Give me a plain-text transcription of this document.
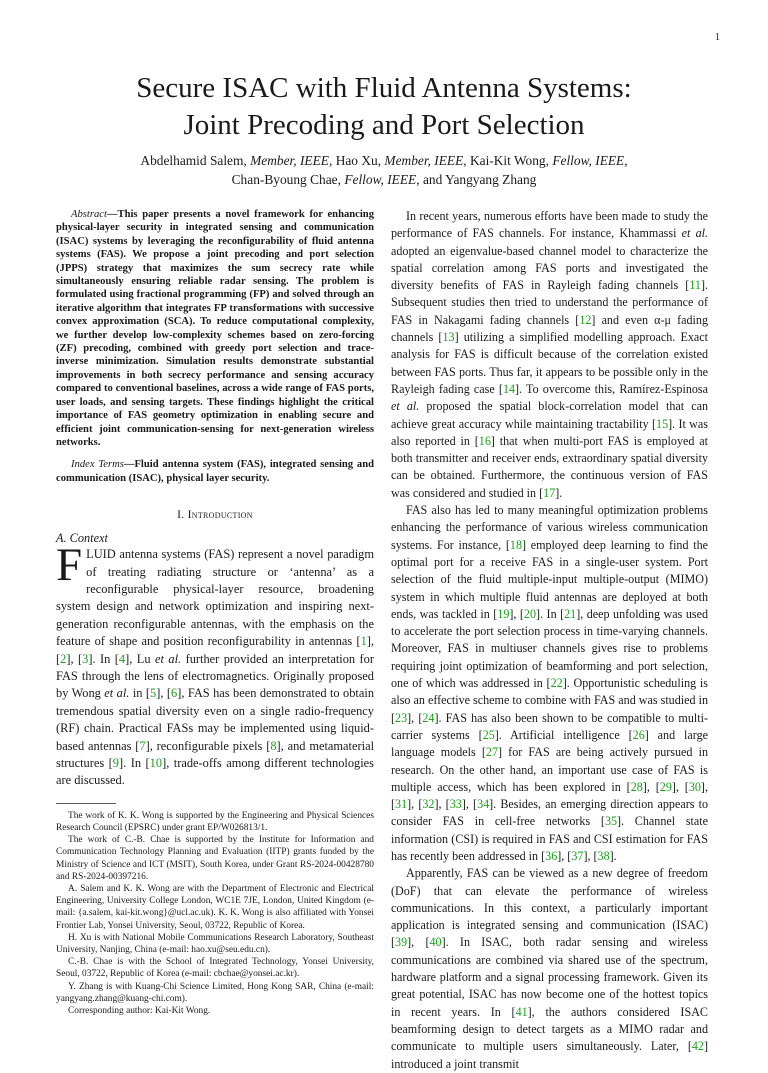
1
Secure ISAC with Fluid Antenna Systems:
Joint Precoding and Port Selection
Abdelhamid Salem, Member, IEEE, Hao Xu, Member, IEEE, Kai-Kit Wong, Fellow, IEEE,
Chan-Byoung Chae, Fellow, IEEE, and Yangyang Zhang

Abstract—This paper presents a novel framework for enhancing physical-layer security in integrated sensing and communication (ISAC) systems by leveraging the reconfigurability of fluid antenna systems (FAS). We propose a joint precoding and port selection (JPPS) strategy that maximizes the sum secrecy rate while simultaneously ensuring reliable radar sensing. The problem is formulated using fractional programming (FP) and solved through an iterative algorithm that integrates FP transformations with successive convex approximation (SCA). To reduce computational complexity, we further develop low-complexity schemes based on zero-forcing (ZF) precoding, combined with greedy port selection and trace-inverse minimization. Simulation results demonstrate substantial improvements in both secrecy performance and sensing accuracy compared to conventional baselines, across a wide range of FAS ports, user loads, and sensing targets. These findings highlight the critical importance of FAS geometry optimization in enabling secure and efficient joint communication-sensing for next-generation wireless networks.

Index Terms—Fluid antenna system (FAS), integrated sensing and communication (ISAC), physical layer security.

I. Introduction
A. Context

FLUID antenna systems (FAS) represent a novel paradigm of treating radiating structure or ‘antenna’ as a reconfigurable physical-layer resource, broadening system design and network optimization and inspiring next-generation reconfigurable antennas, with the emphasis on the feature of shape and position reconfigurability in antennas [1], [2], [3]. In [4], Lu et al. further provided an interpretation for FAS through the lens of electromagnetics. Originally proposed by Wong et al. in [5], [6], FAS has been demonstrated to obtain tremendous spatial diversity even on a single radio-frequency (RF) chain. Practical FASs may be implemented using liquid-based antennas [7], reconfigurable pixels [8], and metamaterial structures [9]. In [10], trade-offs among different technologies are discussed.

The work of K. K. Wong is supported by the Engineering and Physical Sciences Research Council (EPSRC) under grant EP/W026813/1.

The work of C.-B. Chae is supported by the Institute for Information and Communication Technology Planning and Evaluation (IITP) grants funded by the Ministry of Science and ICT (MSIT), South Korea, under Grant RS-2024-00428780 and RS-2024-00397216.

A. Salem and K. K. Wong are with the Department of Electronic and Electrical Engineering, University College London, WC1E 7JE, London, United Kingdom (e-mail: {a.salem, kai-kit.wong}@ucl.ac.uk). K. K. Wong is also affiliated with Yonsei Frontier Lab, Yonsei University, Seoul, 03722, Republic of Korea.

H. Xu is with National Mobile Communications Research Laboratory, Southeast University, Nanjing, China (e-mail: hao.xu@seu.edu.cn).

C.-B. Chae is with the School of Integrated Technology, Yonsei University, Seoul, 03722, Republic of Korea (e-mail: cbchae@yonsei.ac.kr).

Y. Zhang is with Kuang-Chi Science Limited, Hong Kong SAR, China (e-mail: yangyang.zhang@kuang-chi.com).

Corresponding author: Kai-Kit Wong.

In recent years, numerous efforts have been made to study the performance of FAS channels. For instance, Khammassi et al. adopted an eigenvalue-based channel model to characterize the spatial correlation among FAS ports and investigated the diversity benefits of FAS in Rayleigh fading channels [11]. Subsequent studies then tried to understand the performance of FAS in Nakagami fading channels [12] and even α-μ fading channels [13] utilizing a simplified modelling approach. Exact analysis for FAS is difficult because of the correlation existed between FAS ports. Thus far, it appears to be possible only in the Rayleigh fading case [14]. To overcome this, Ramírez-Espinosa et al. proposed the spatial block-correlation model that can achieve great accuracy while maintaining tractability [15]. It was also reported in [16] that when multi-port FAS is employed at both transmitter and receiver ends, extraordinary spatial diversity can be obtained. Furthermore, the continuous version of FAS was considered and studied in [17].

FAS also has led to many meaningful optimization problems enhancing the performance of various wireless communication systems. For instance, [18] employed deep learning to find the optimal port for a receive FAS in a single-user system. Port selection of the fluid multiple-input multiple-output (MIMO) system in which multiple fluid antennas are deployed at both ends, was tackled in [19], [20]. In [21], deep unfolding was used to accelerate the port selection process in time-varying channels. Moreover, FAS in multiuser channels gives rise to problems requiring joint optimization of beamforming and port selection, one of which was addressed in [22]. Opportunistic scheduling is also an effective scheme to combine with FAS and was studied in [23], [24]. FAS has also been shown to be compatible to multi-carrier systems [25]. Artificial intelligence [26] and large language models [27] for FAS are being actively pursued in research. On the other hand, an important use case of FAS is multiple access, which has been explored in [28], [29], [30], [31], [32], [33], [34]. Besides, an emerging direction appears to consider FAS in cell-free networks [35]. Channel state information (CSI) is required in FAS and CSI estimation for FAS has recently been addressed in [36], [37], [38].

Apparently, FAS can be viewed as a new degree of freedom (DoF) that can elevate the performance of wireless communications. In this context, a particularly important application is integrated sensing and communication (ISAC) [39], [40]. In ISAC, both radar sensing and wireless communications are combined via shared use of the spectrum, hardware platform and a signal processing framework. Given its great potential, ISAC has now become one of the hottest topics in recent years. In [41], the authors considered ISAC beamforming design to detect targets as a MIMO radar and communicate to multiple users simultaneously. Later, [42] introduced a joint transmit
